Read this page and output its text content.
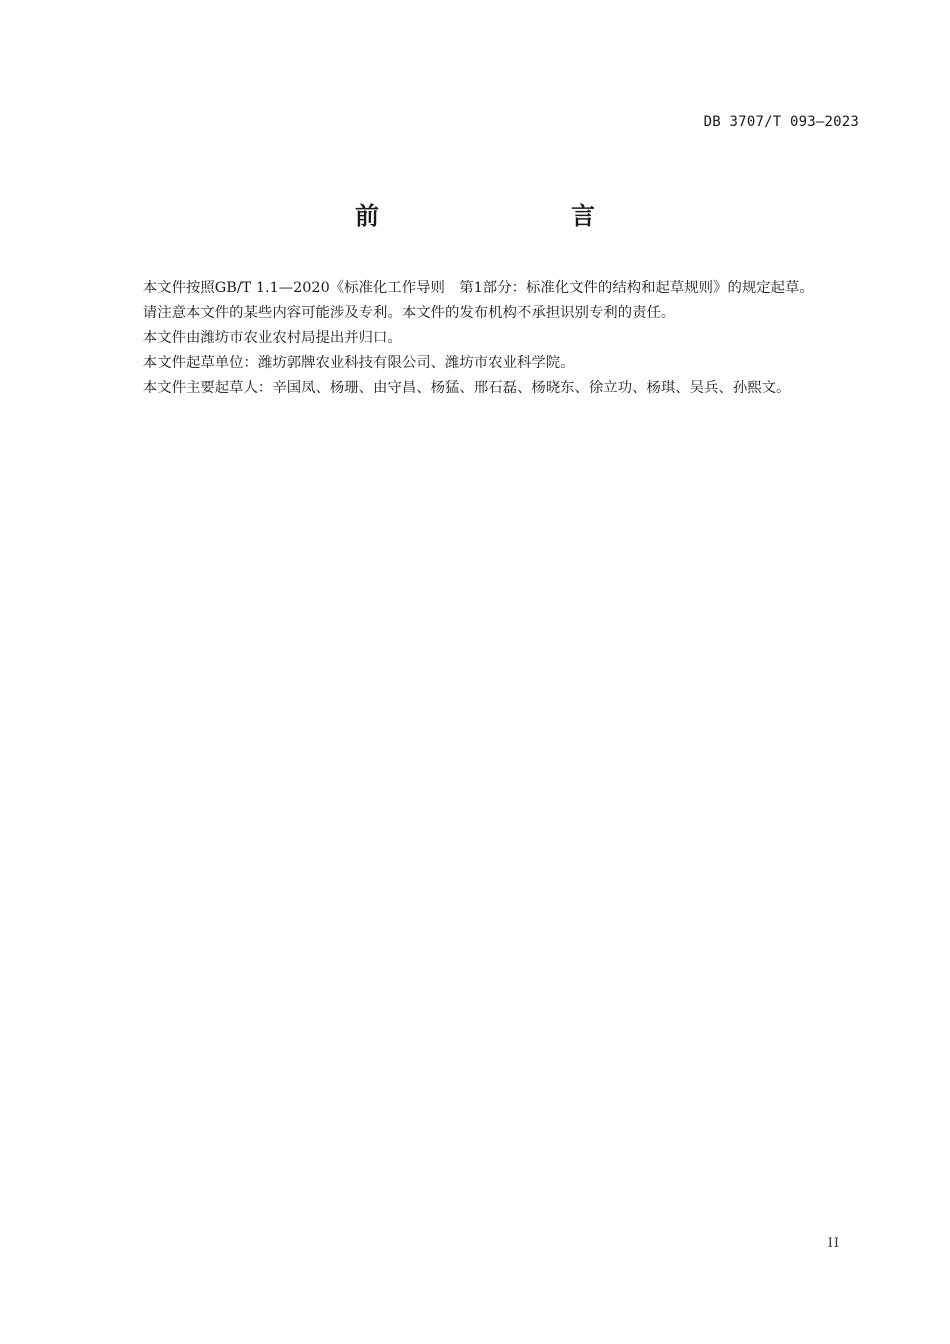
DB 3707/T 093—2023
前　　言

本文件按照GB/T 1.1—2020《标准化工作导则　第1部分：标准化文件的结构和起草规则》的规定起草。

请注意本文件的某些内容可能涉及专利。本文件的发布机构不承担识别专利的责任。

本文件由潍坊市农业农村局提出并归口。

本文件起草单位：潍坊郭牌农业科技有限公司、潍坊市农业科学院。

本文件主要起草人：辛国凤、杨珊、由守昌、杨猛、邢石磊、杨晓东、徐立功、杨琪、吴兵、孙熙文。

II
